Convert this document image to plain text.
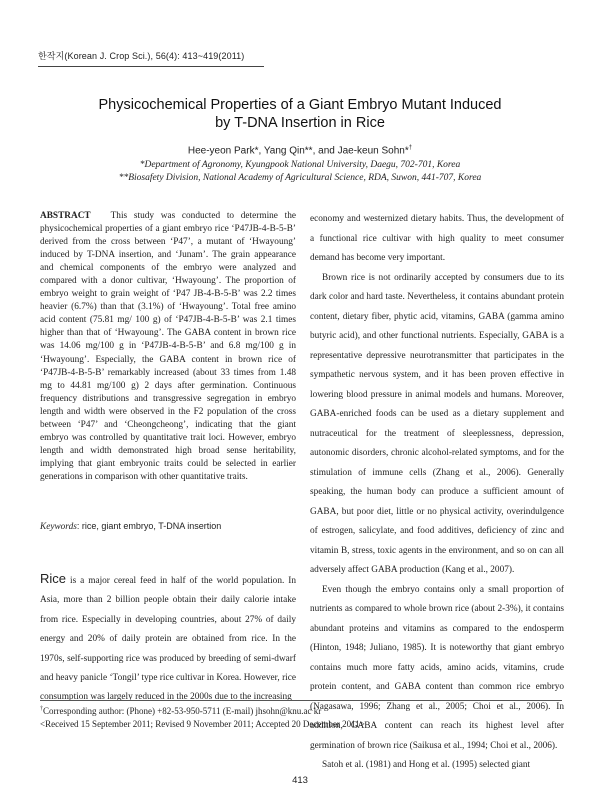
한작지(Korean J. Crop Sci.), 56(4): 413~419(2011)
Physicochemical Properties of a Giant Embryo Mutant Induced
by T-DNA Insertion in Rice
Hee-yeon Park*, Yang Qin**, and Jae-keun Sohn*†
*Department of Agronomy, Kyungpook National University, Daegu, 702-701, Korea
**Biosafety Division, National Academy of Agricultural Science, RDA, Suwon, 441-707, Korea
ABSTRACT This study was conducted to determine the physicochemical properties of a giant embryo rice ‘P47JB-4-B-5-B’ derived from the cross between ‘P47’, a mutant of ‘Hwayoung’ induced by T-DNA insertion, and ‘Junam’. The grain appearance and chemical components of the embryo were analyzed and compared with a donor cultivar, ‘Hwayoung’. The proportion of embryo weight to grain weight of ‘P47 JB-4-B-5-B’ was 2.2 times heavier (6.7%) than that (3.1%) of ‘Hwayoung’. Total free amino acid content (75.81 mg/ 100 g) of ‘P47JB-4-B-5-B’ was 2.1 times higher than that of ‘Hwayoung’. The GABA content in brown rice was 14.06 mg/100 g in ‘P47JB-4-B-5-B’ and 6.8 mg/100 g in ‘Hwayoung’. Especially, the GABA content in brown rice of ‘P47JB-4-B-5-B’ remarkably increased (about 33 times from 1.48 mg to 44.81 mg/100 g) 2 days after germination. Continuous frequency distributions and transgressive segregation in embryo length and width were observed in the F2 population of the cross between ‘P47’ and ‘Cheongcheong’, indicating that the giant embryo was controlled by quantitative trait loci. However, embryo length and width demonstrated high broad sense heritability, implying that giant embryonic traits could be selected in earlier generations in comparison with other quantitative traits.
Keywords: rice, giant embryo, T-DNA insertion
Rice is a major cereal feed in half of the world population. In Asia, more than 2 billion people obtain their daily calorie intake from rice. Especially in developing countries, about 27% of daily energy and 20% of daily protein are obtained from rice. In the 1970s, self-supporting rice was produced by breeding of semi-dwarf and heavy panicle ‘Tongil’ type rice cultivar in Korea. However, rice consumption was largely reduced in the 2000s due to the increasing
economy and westernized dietary habits. Thus, the development of a functional rice cultivar with high quality to meet consumer demand has become very important.
Brown rice is not ordinarily accepted by consumers due to its dark color and hard taste. Nevertheless, it contains abundant protein content, dietary fiber, phytic acid, vitamins, GABA (gamma amino butyric acid), and other functional nutrients. Especially, GABA is a representative depressive neurotransmitter that participates in the sympathetic nervous system, and it has been proven effective in lowering blood pressure in animal models and humans. Moreover, GABA-enriched foods can be used as a dietary supplement and nutraceutical for the treatment of sleeplessness, depression, autonomic disorders, chronic alcohol-related symptoms, and for the stimulation of immune cells (Zhang et al., 2006). Generally speaking, the human body can produce a sufficient amount of GABA, but poor diet, little or no physical activity, overindulgence of estrogen, salicylate, and food additives, deficiency of zinc and vitamin B, stress, toxic agents in the environment, and so on can all adversely affect GABA production (Kang et al., 2007).
Even though the embryo contains only a small proportion of nutrients as compared to whole brown rice (about 2-3%), it contains abundant proteins and vitamins as compared to the endosperm (Hinton, 1948; Juliano, 1985). It is noteworthy that giant embryo contains much more fatty acids, amino acids, vitamins, crude protein content, and GABA content than common rice embryo (Nagasawa, 1996; Zhang et al., 2005; Choi et al., 2006). In addition, GABA content can reach its highest level after germination of brown rice (Saikusa et al., 1994; Choi et al., 2006).
Satoh et al. (1981) and Hong et al. (1995) selected giant
†Corresponding author: (Phone) +82-53-950-5711 (E-mail) jhsohn@knu.ac kr
<Received 15 September 2011; Revised 9 November 2011; Accepted 20 December 2011>
413
